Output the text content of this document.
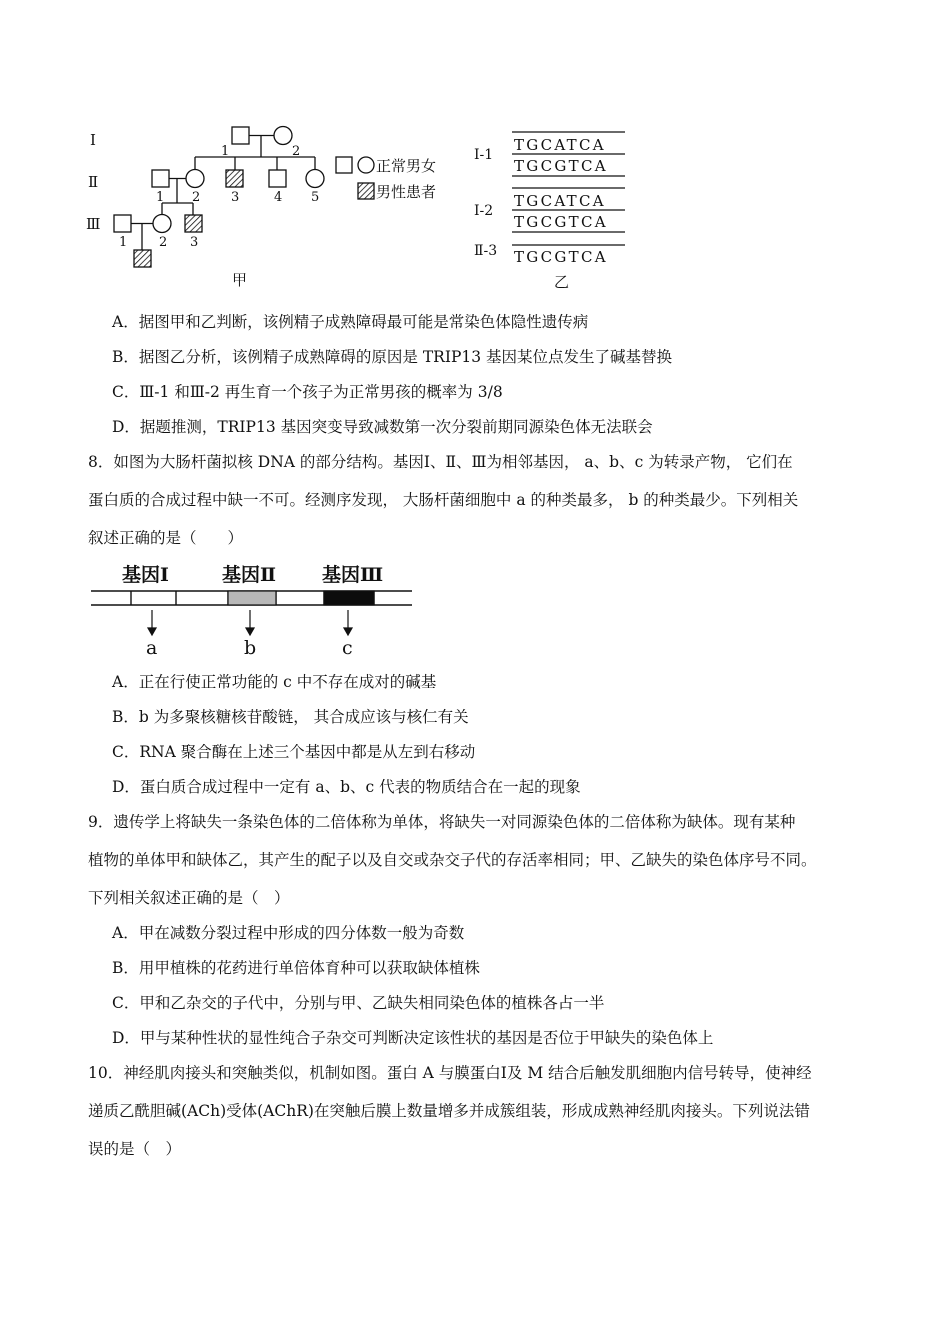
Ⅰ
Ⅱ
Ⅲ
1	2
1 2 3	4 5
1 2 3
正常男女
男性患者
甲
Ⅰ-1
TGCATCA
TGCGTCA
Ⅰ-2
TGCATCA
TGCGTCA
Ⅱ-3 TGCGTCA
乙
A．据图甲和乙判断，该例精子成熟障碍最可能是常染色体隐性遗传病
B．据图乙分析，该例精子成熟障碍的原因是 TRIP13 基因某位点发生了碱基替换
C．Ⅲ-1 和Ⅲ-2 再生育一个孩子为正常男孩的概率为 3/8
D．据题推测，TRIP13 基因突变导致减数第一次分裂前期同源染色体无法联会
8．如图为大肠杆菌拟核 DNA 的部分结构。基因Ⅰ、Ⅱ、Ⅲ为相邻基因， a、b、c 为转录产物， 它们在
蛋白质的合成过程中缺一不可。经测序发现， 大肠杆菌细胞中 a 的种类最多， b 的种类最少。下列相关
叙述正确的是（　　）
基因Ⅰ	基因Ⅱ 基因Ⅲ
a	b	c
A．正在行使正常功能的 c 中不存在成对的碱基
B．b 为多聚核糖核苷酸链， 其合成应该与核仁有关
C．RNA 聚合酶在上述三个基因中都是从左到右移动
D．蛋白质合成过程中一定有 a、b、c 代表的物质结合在一起的现象
9．遗传学上将缺失一条染色体的二倍体称为单体，将缺失一对同源染色体的二倍体称为缺体。现有某种
植物的单体甲和缺体乙，其产生的配子以及自交或杂交子代的存活率相同；甲、乙缺失的染色体序号不同。
下列相关叙述正确的是（　）
A．甲在减数分裂过程中形成的四分体数一般为奇数
B．用甲植株的花药进行单倍体育种可以获取缺体植株
C．甲和乙杂交的子代中，分别与甲、乙缺失相同染色体的植株各占一半
D．甲与某种性状的显性纯合子杂交可判断决定该性状的基因是否位于甲缺失的染色体上
10．神经肌肉接头和突触类似，机制如图。蛋白 A 与膜蛋白Ⅰ及 M 结合后触发肌细胞内信号转导，使神经
递质乙酰胆碱(ACh)受体(AChR)在突触后膜上数量增多并成簇组装，形成成熟神经肌肉接头。下列说法错
误的是（　）
